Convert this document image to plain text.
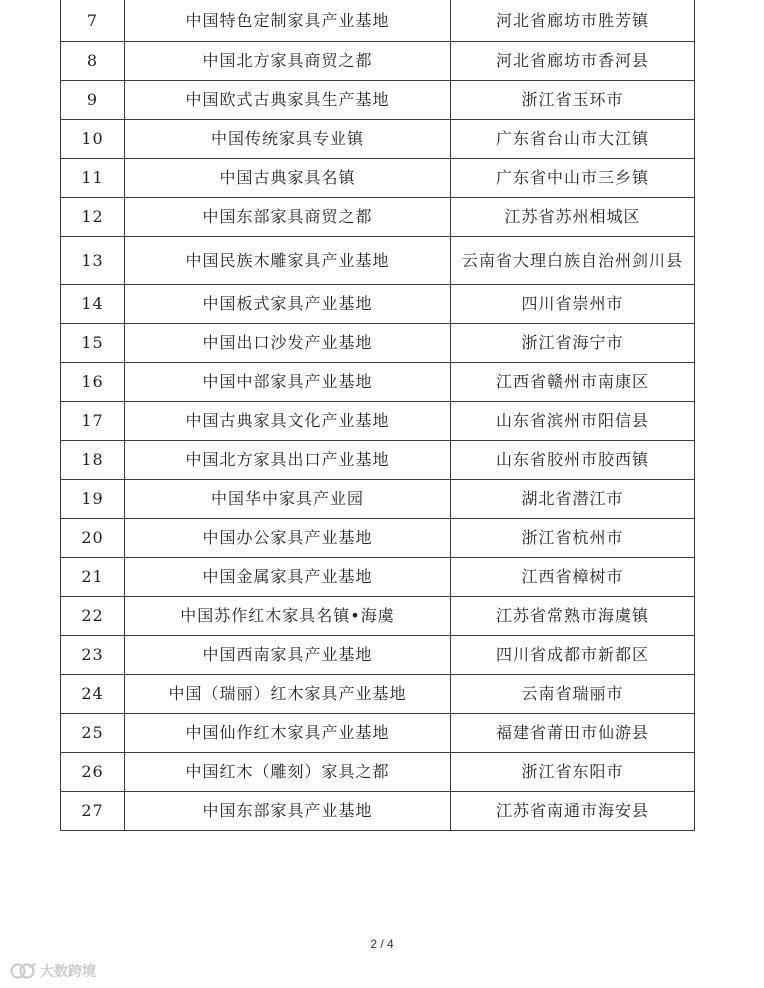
7	中国特色定制家具产业基地	河北省廊坊市胜芳镇
8	中国北方家具商贸之都	河北省廊坊市香河县
9	中国欧式古典家具生产基地	浙江省玉环市
10	中国传统家具专业镇	广东省台山市大江镇
11	中国古典家具名镇	广东省中山市三乡镇
12	中国东部家具商贸之都	江苏省苏州相城区
13	中国民族木雕家具产业基地	云南省大理白族自治州剑川县
14	中国板式家具产业基地	四川省崇州市
15	中国出口沙发产业基地	浙江省海宁市
16	中国中部家具产业基地	江西省赣州市南康区
17	中国古典家具文化产业基地	山东省滨州市阳信县
18	中国北方家具出口产业基地	山东省胶州市胶西镇
19	中国华中家具产业园	湖北省潜江市
20	中国办公家具产业基地	浙江省杭州市
21	中国金属家具产业基地	江西省樟树市
22	中国苏作红木家具名镇•海虞	江苏省常熟市海虞镇
23	中国西南家具产业基地	四川省成都市新都区
24	中国（瑞丽）红木家具产业基地	云南省瑞丽市
25	中国仙作红木家具产业基地	福建省莆田市仙游县
26	中国红木（雕刻）家具之都	浙江省东阳市
27	中国东部家具产业基地	江苏省南通市海安县
2 / 4
大数跨境
